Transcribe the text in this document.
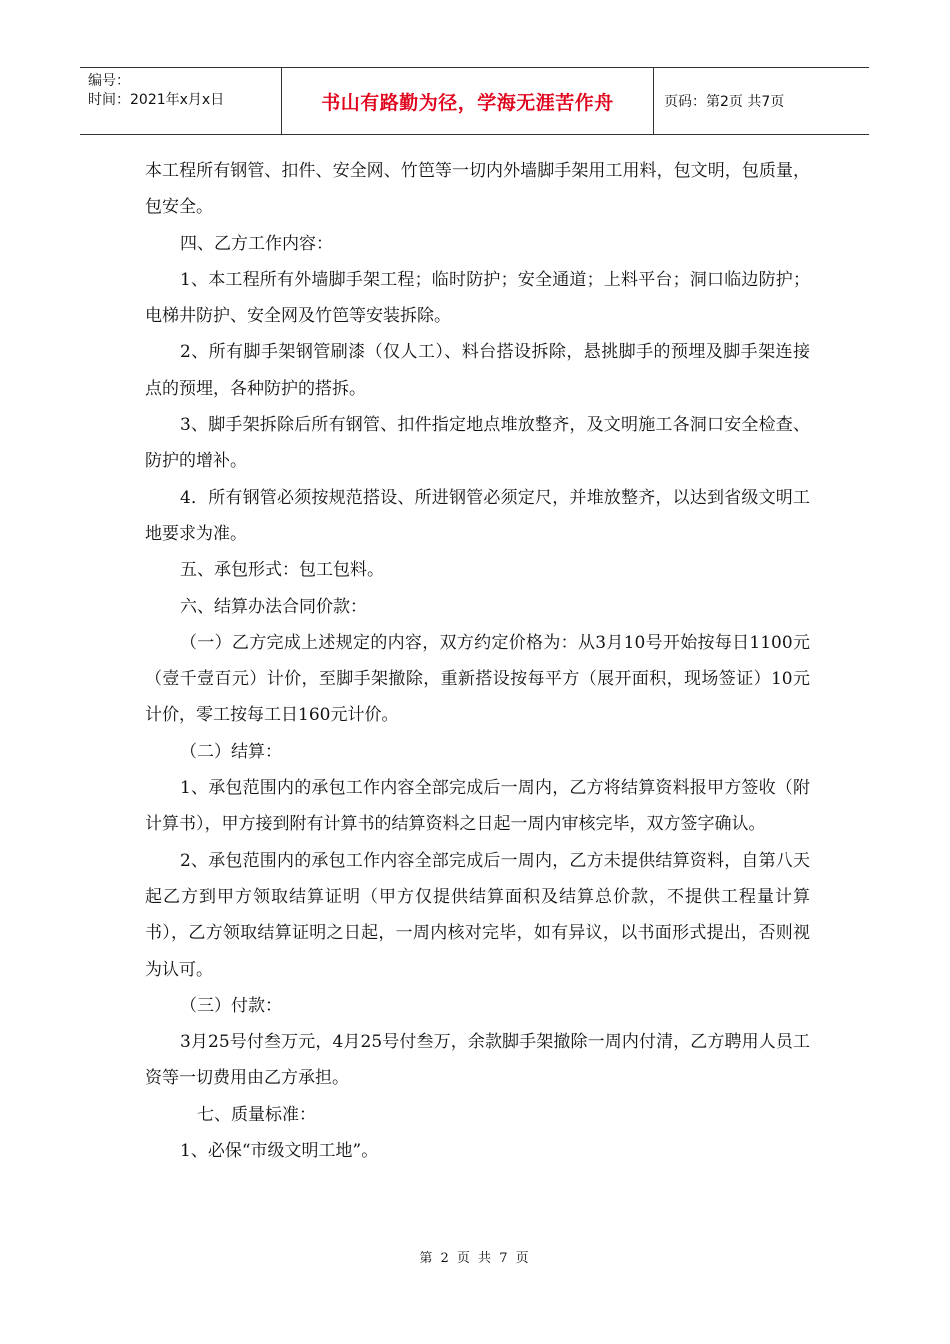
编号：
时间：2021年x月x日	书山有路勤为径，学海无涯苦作舟	页码：第2页 共7页

本工程所有钢管、扣件、安全网、竹笆等一切内外墙脚手架用工用料，包文明，包质量，包安全。

四、乙方工作内容：

1、本工程所有外墙脚手架工程；临时防护；安全通道；上料平台；洞口临边防护；电梯井防护、安全网及竹笆等安装拆除。

2、所有脚手架钢管刷漆（仅人工）、料台搭设拆除，悬挑脚手的预埋及脚手架连接点的预埋，各种防护的搭拆。

3、脚手架拆除后所有钢管、扣件指定地点堆放整齐，及文明施工各洞口安全检查、防护的增补。

4．所有钢管必须按规范搭设、所进钢管必须定尺，并堆放整齐，以达到省级文明工地要求为准。

五、承包形式：包工包料。

六、结算办法合同价款：

（一）乙方完成上述规定的内容，双方约定价格为：从3月10号开始按每日1100元（壹千壹百元）计价，至脚手架撤除，重新搭设按每平方（展开面积，现场签证）10元计价，零工按每工日160元计价。

（二）结算：

1、承包范围内的承包工作内容全部完成后一周内，乙方将结算资料报甲方签收（附计算书），甲方接到附有计算书的结算资料之日起一周内审核完毕，双方签字确认。

2、承包范围内的承包工作内容全部完成后一周内，乙方未提供结算资料，自第八天起乙方到甲方领取结算证明（甲方仅提供结算面积及结算总价款，不提供工程量计算书），乙方领取结算证明之日起，一周内核对完毕，如有异议，以书面形式提出，否则视为认可。

（三）付款：

3月25号付叁万元，4月25号付叁万，余款脚手架撤除一周内付清，乙方聘用人员工资等一切费用由乙方承担。

七、质量标准：

1、必保“市级文明工地”。

第 2 页 共 7 页
